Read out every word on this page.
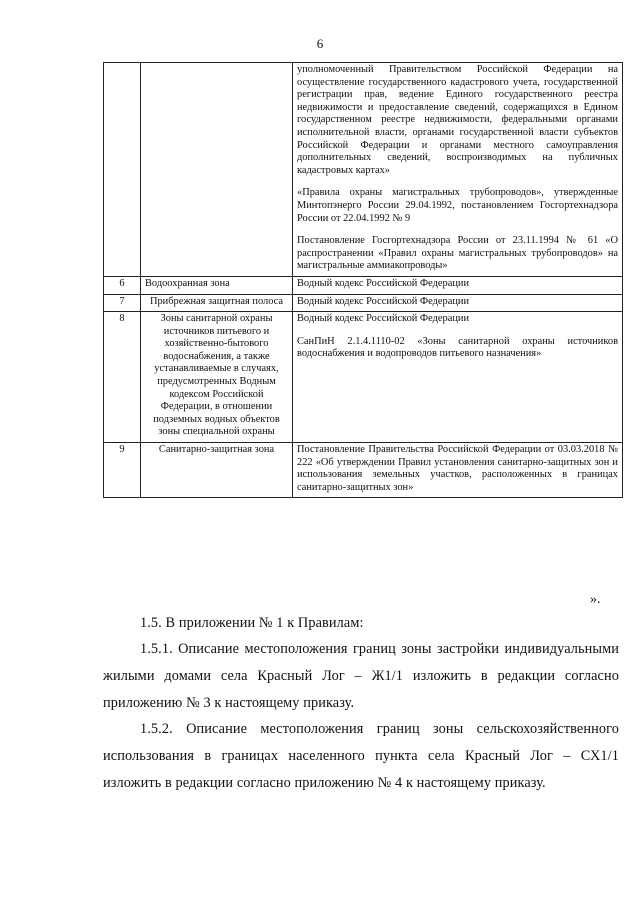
6

		уполномоченный Правительством Российской Федерации на осуществление государственного кадастрового учета, государственной регистрации прав, ведение Единого государственного реестра недвижимости и предоставление сведений, содержащихся в Едином государственном реестре недвижимости, федеральными органами исполнительной власти, органами государственной власти субъектов Российской Федерации и органами местного самоуправления дополнительных сведений, воспроизводимых на публичных кадастровых картах»

«Правила охраны магистральных трубопроводов», утвержденные Минтопэнерго России 29.04.1992, постановлением Госгортехнадзора России от 22.04.1992 № 9

Постановление Госгортехнадзора России от 23.11.1994 № 61 «О распространении «Правил охраны магистральных трубопроводов» на магистральные аммиакопроводы»

6	Водоохранная зона	Водный кодекс Российской Федерации

7	Прибрежная защитная полоса	Водный кодекс Российской Федерации

8	Зоны санитарной охраны источников питьевого и хозяйственно-бытового водоснабжения, а также устанавливаемые в случаях, предусмотренных Водным кодексом Российской Федерации, в отношении подземных водных объектов зоны специальной охраны	Водный кодекс Российской Федерации

СанПиН 2.1.4.1110-02 «Зоны санитарной охраны источников водоснабжения и водопроводов питьевого назначения»

9	Санитарно-защитная зона	Постановление Правительства Российской Федерации от 03.03.2018 № 222 «Об утверждении Правил установления санитарно-защитных зон и использования земельных участков, расположенных в границах санитарно-защитных зон»

».
1.5. В приложении № 1 к Правилам:
1.5.1. Описание местоположения границ зоны застройки индивидуальными жилыми домами села Красный Лог – Ж1/1 изложить в редакции согласно приложению № 3 к настоящему приказу.
1.5.2. Описание местоположения границ зоны сельскохозяйственного использования в границах населенного пункта села Красный Лог – СХ1/1 изложить в редакции согласно приложению № 4 к настоящему приказу.
